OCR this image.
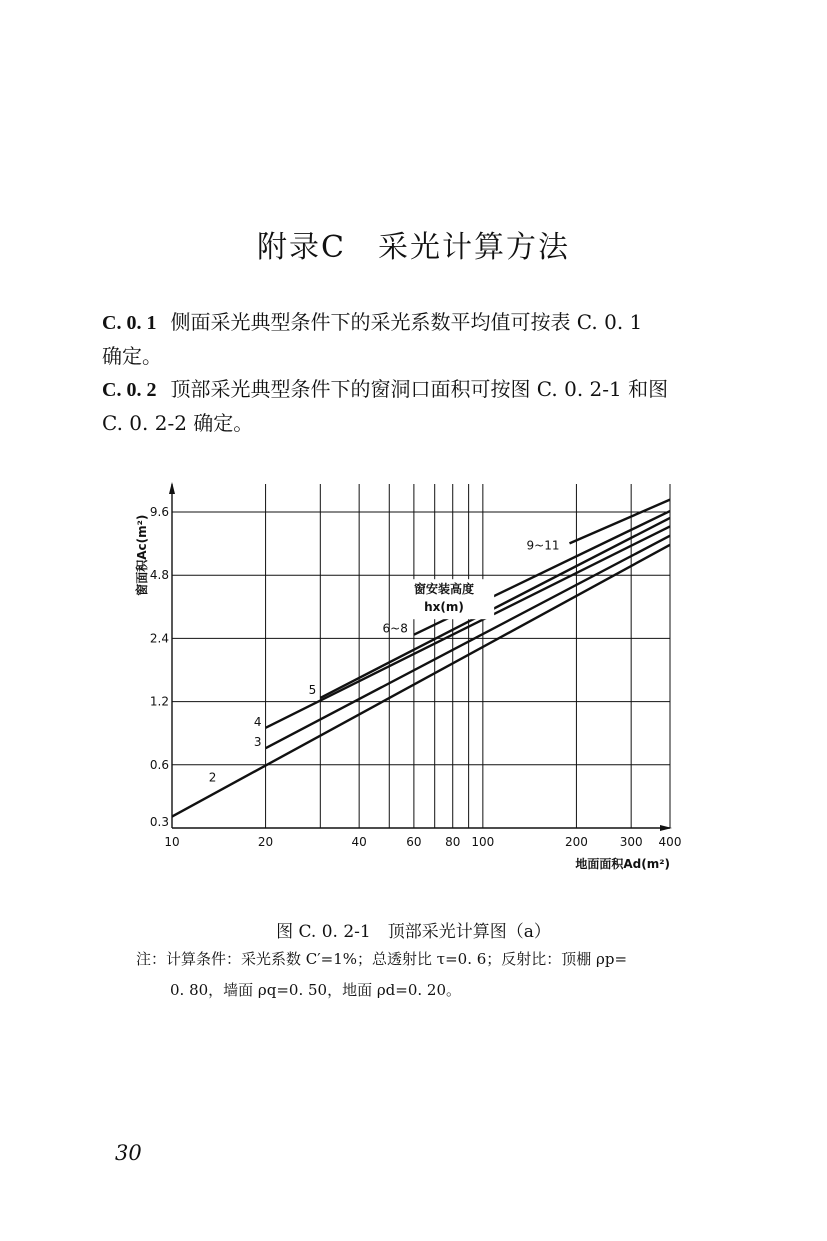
附录C　采光计算方法
C. 0. 1 侧面采光典型条件下的采光系数平均值可按表 C. 0. 1
确定。
C. 0. 2 顶部采光典型条件下的窗洞口面积可按图 C. 0. 2-1 和图
C. 0. 2-2 确定。
10	20	40	60 80 100	200	300 400
0.3
0.6
1.2
2.4
4.8
9.6
地面面积Ad(m²)
窗面积Ac(m²)
2
3
4
5
6~8
9~11
窗安装高度
hx(m)
图 C. 0. 2-1　顶部采光计算图（a）
注：计算条件：采光系数 C′=1%；总透射比 τ=0. 6；反射比：顶棚 ρp=
0. 80，墙面 ρq=0. 50，地面 ρd=0. 20。
30
